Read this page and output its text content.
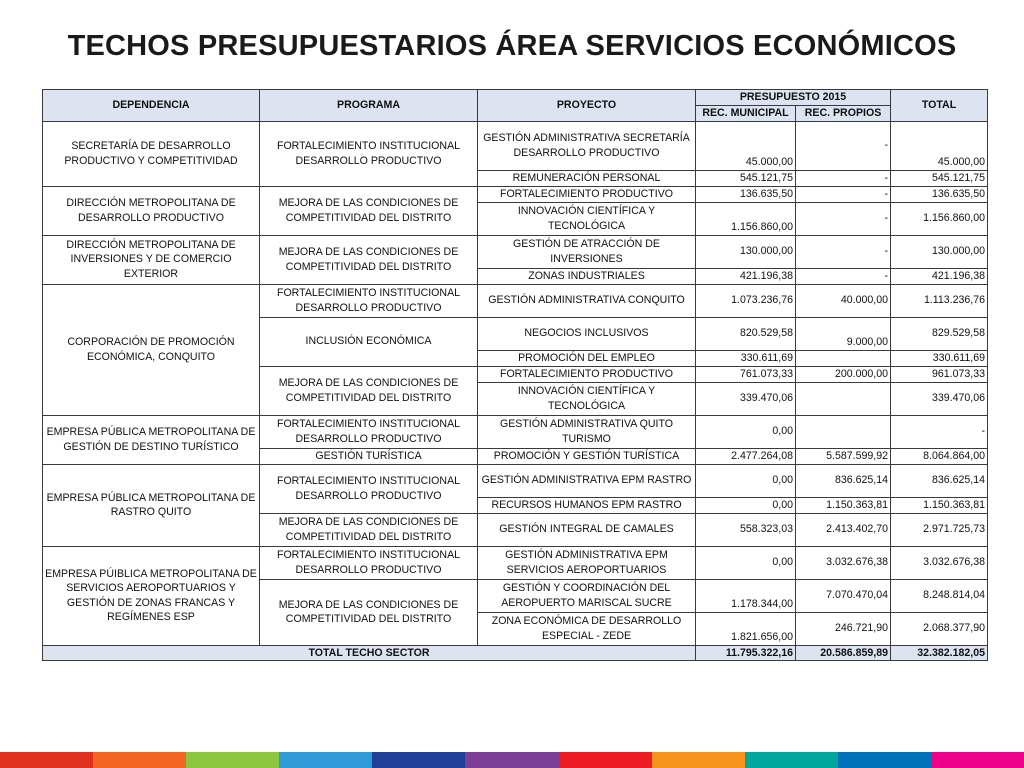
TECHOS PRESUPUESTARIOS ÁREA SERVICIOS ECONÓMICOS
DEPENDENCIA	PROGRAMA	PROYECTO	PRESUPUESTO 2015		TOTAL
			REC. MUNICIPAL	REC. PROPIOS	
SECRETARÍA DE DESARROLLO PRODUCTIVO Y COMPETITIVIDAD	FORTALECIMIENTO INSTITUCIONAL DESARROLLO PRODUCTIVO	GESTIÓN ADMINISTRATIVA SECRETARÍA DESARROLLO PRODUCTIVO	45.000,00	-	45.000,00
		REMUNERACIÓN PERSONAL	545.121,75	-	545.121,75
DIRECCIÓN METROPOLITANA DE DESARROLLO PRODUCTIVO	MEJORA DE LAS CONDICIONES DE COMPETITIVIDAD DEL DISTRITO	FORTALECIMIENTO PRODUCTIVO	136.635,50	-	136.635,50
		INNOVACIÓN CIENTÍFICA Y TECNOLÓGICA	1.156.860,00	-	1.156.860,00
DIRECCIÓN METROPOLITANA DE INVERSIONES Y DE COMERCIO EXTERIOR	MEJORA DE LAS CONDICIONES DE COMPETITIVIDAD DEL DISTRITO	GESTIÓN DE ATRACCIÓN DE INVERSIONES	130.000,00	-	130.000,00
		ZONAS INDUSTRIALES	421.196,38	-	421.196,38
CORPORACIÓN DE PROMOCIÓN ECONÓMICA, CONQUITO	FORTALECIMIENTO INSTITUCIONAL DESARROLLO PRODUCTIVO	GESTIÓN ADMINISTRATIVA CONQUITO	1.073.236,76	40.000,00	1.113.236,76
	INCLUSIÓN ECONÓMICA	NEGOCIOS INCLUSIVOS	820.529,58	9.000,00	829.529,58
		PROMOCIÓN DEL EMPLEO	330.611,69		330.611,69
	MEJORA DE LAS CONDICIONES DE COMPETITIVIDAD DEL DISTRITO	FORTALECIMIENTO PRODUCTIVO	761.073,33	200.000,00	961.073,33
		INNOVACIÓN CIENTÍFICA Y TECNOLÓGICA	339.470,06		339.470,06
EMPRESA PÚBLICA METROPOLITANA DE GESTIÓN DE DESTINO TURÍSTICO	FORTALECIMIENTO INSTITUCIONAL DESARROLLO PRODUCTIVO	GESTIÓN ADMINISTRATIVA QUITO TURISMO	0,00		-
	GESTIÓN TURÍSTICA	PROMOCIÓN Y GESTIÓN TURÍSTICA	2.477.264,08	5.587.599,92	8.064.864,00
EMPRESA PÚBLICA METROPOLITANA DE RASTRO QUITO	FORTALECIMIENTO INSTITUCIONAL DESARROLLO PRODUCTIVO	GESTIÓN ADMINISTRATIVA EPM RASTRO	0,00	836.625,14	836.625,14
		RECURSOS HUMANOS EPM RASTRO	0,00	1.150.363,81	1.150.363,81
	MEJORA DE LAS CONDICIONES DE COMPETITIVIDAD DEL DISTRITO	GESTIÓN INTEGRAL DE CAMALES	558.323,03	2.413.402,70	2.971.725,73
EMPRESA PÚIBLICA METROPOLITANA DE SERVICIOS AEROPORTUARIOS Y GESTIÓN DE ZONAS FRANCAS Y REGÍMENES ESP	FORTALECIMIENTO INSTITUCIONAL DESARROLLO PRODUCTIVO	GESTIÓN ADMINISTRATIVA EPM SERVICIOS AEROPORTUARIOS	0,00	3.032.676,38	3.032.676,38
	MEJORA DE LAS CONDICIONES DE COMPETITIVIDAD DEL DISTRITO	GESTIÓN Y COORDINACIÓN DEL AEROPUERTO MARISCAL SUCRE	1.178.344,00	7.070.470,04	8.248.814,04
		ZONA ECONÓMICA DE DESARROLLO ESPECIAL - ZEDE	1.821.656,00	246.721,90	2.068.377,90
TOTAL TECHO SECTOR			11.795.322,16	20.586.859,89	32.382.182,05
